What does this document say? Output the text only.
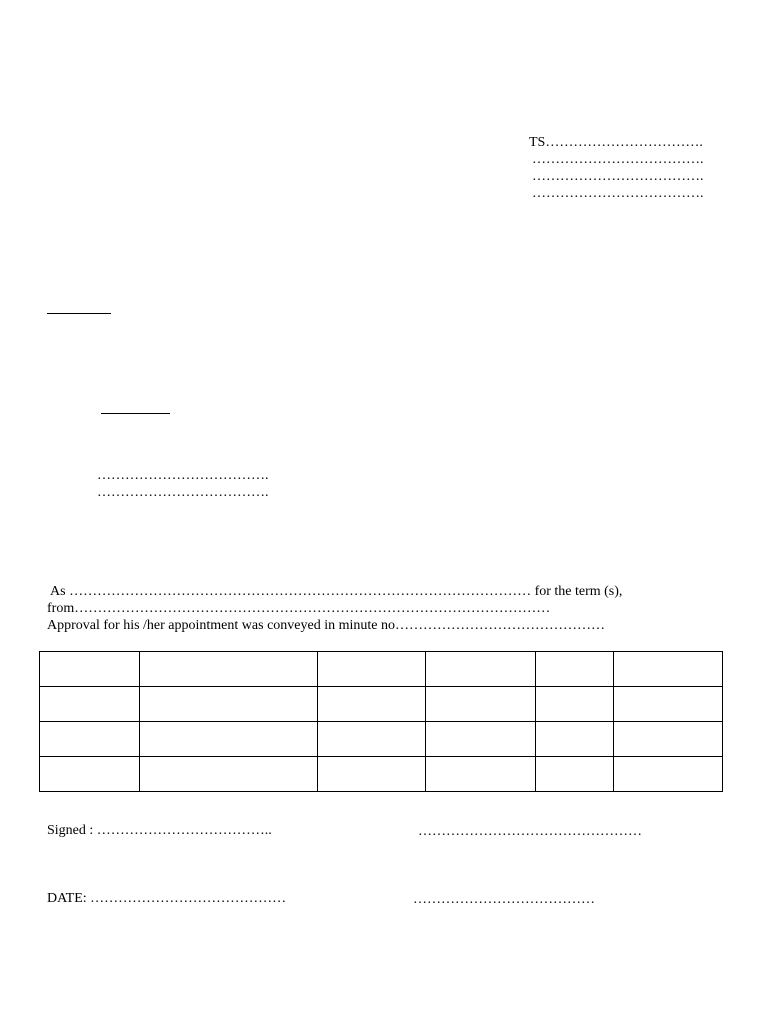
TS…………………………….
……………………………….
……………………………….
……………………………….
……………………………….
……………………………….
As ……………………………………………………………………………………… for the term (s),
from…………………………………………………………………………………………
Approval for his /her appointment was conveyed in minute no………………………………………

Signed : ………………………………..	…………………………………………
DATE: ……………………………………	…………………………………
